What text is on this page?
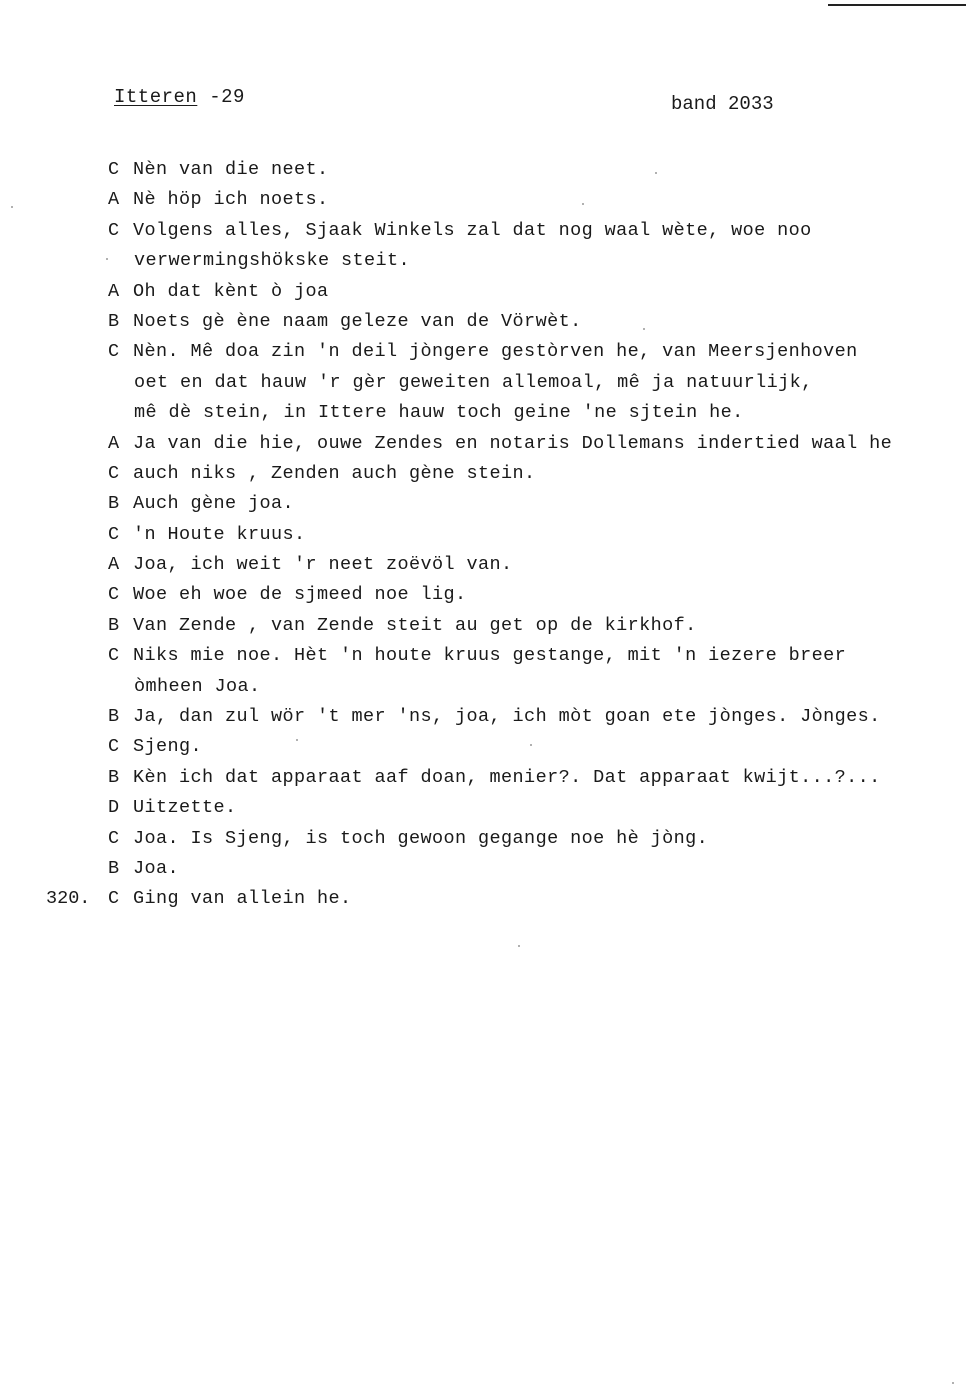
Itteren -29	band 2033
C Nèn van die neet.
A Nè höp ich noets.
C Volgens alles, Sjaak Winkels zal dat nog waal wète, woe noo
verwermingshökske steit.
A Oh dat kènt ò joa
B Noets gè ène naam geleze van de Vörwèt.
C Nèn. Mê doa zin 'n deil jòngere gestòrven he, van Meersjenhoven
oet en dat hauw 'r gèr geweiten allemoal, mê ja natuurlijk,
mê dè stein, in Ittere hauw toch geine 'ne sjtein he.
A Ja van die hie, ouwe Zendes en notaris Dollemans indertied waal he
C auch niks , Zenden auch gène stein.
B Auch gène joa.
C 'n Houte kruus.
A Joa, ich weit 'r neet zoëvöl van.
C Woe eh woe de sjmeed noe lig.
B Van Zende , van Zende steit au get op de kirkhof.
C Niks mie noe. Hèt 'n houte kruus gestange, mit 'n iezere breer
òmheen Joa.
B Ja, dan zul wör 't mer 'ns, joa, ich mòt goan ete jònges. Jònges.
C Sjeng.
B Kèn ich dat apparaat aaf doan, menier?. Dat apparaat kwijt...?...
D Uitzette.
C Joa. Is Sjeng, is toch gewoon gegange noe hè jòng.
B Joa.
320. C Ging van allein he.
